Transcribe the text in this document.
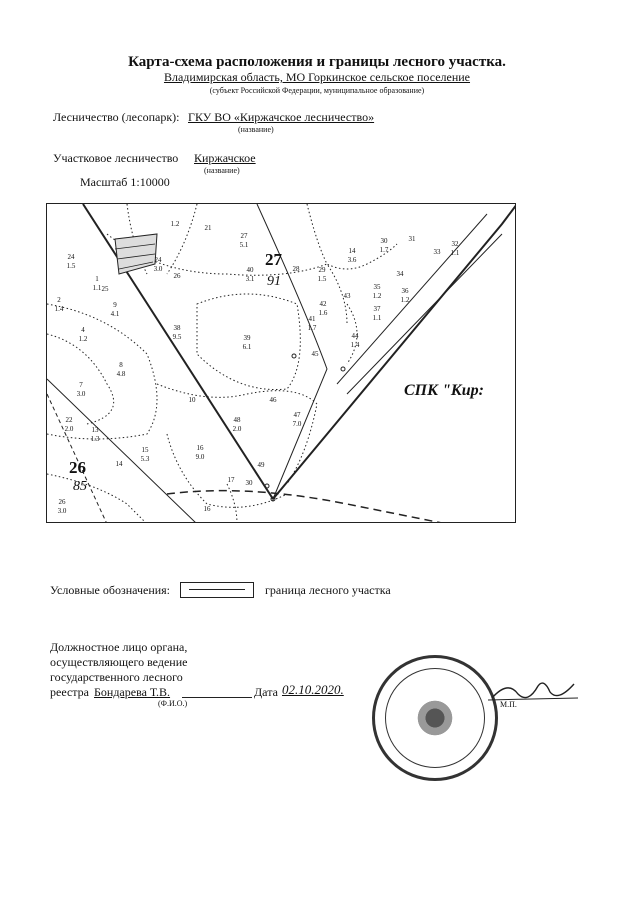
Карта-схема расположения и границы лесного участка.
Владимирская область, МО Горкинское сельское поселение
(субъект Российской Федерации, муниципальное образование)
Лесничество (лесопарк): ГКУ ВО «Киржачское лесничество»
(название)
Участковое лесничество Киржачское
(название)
Масштаб 1:10000
1.2	21
27
5.1
14
3.6
30
1.7
31
32
1.1
33
24
1.5
1
1.1 25
24
3.0
26
40
3.1
28	29
1.5
35
1.2
36
1.2
34
43
2
1.4	9
4.1
42
1.6
41
1.7
37
1.1
38
9.5	39
6.1
4
1.2	44
1.4
45
8
4.8
7
3.0
10	46
47
7.0
48
2.0
13
1.3
22
2.0
14
15
5.3
16
9.0
49
17 30
16
26
3.0
27
91
26
85
СПК "Кир:
Условные обозначения:	граница лесного участка
Должностное лицо органа,
осуществляющего ведение
государственного лесного
реестра Бондарева Т.В.
(Ф.И.О.)
Дата 02.10.2020.
М.П.
